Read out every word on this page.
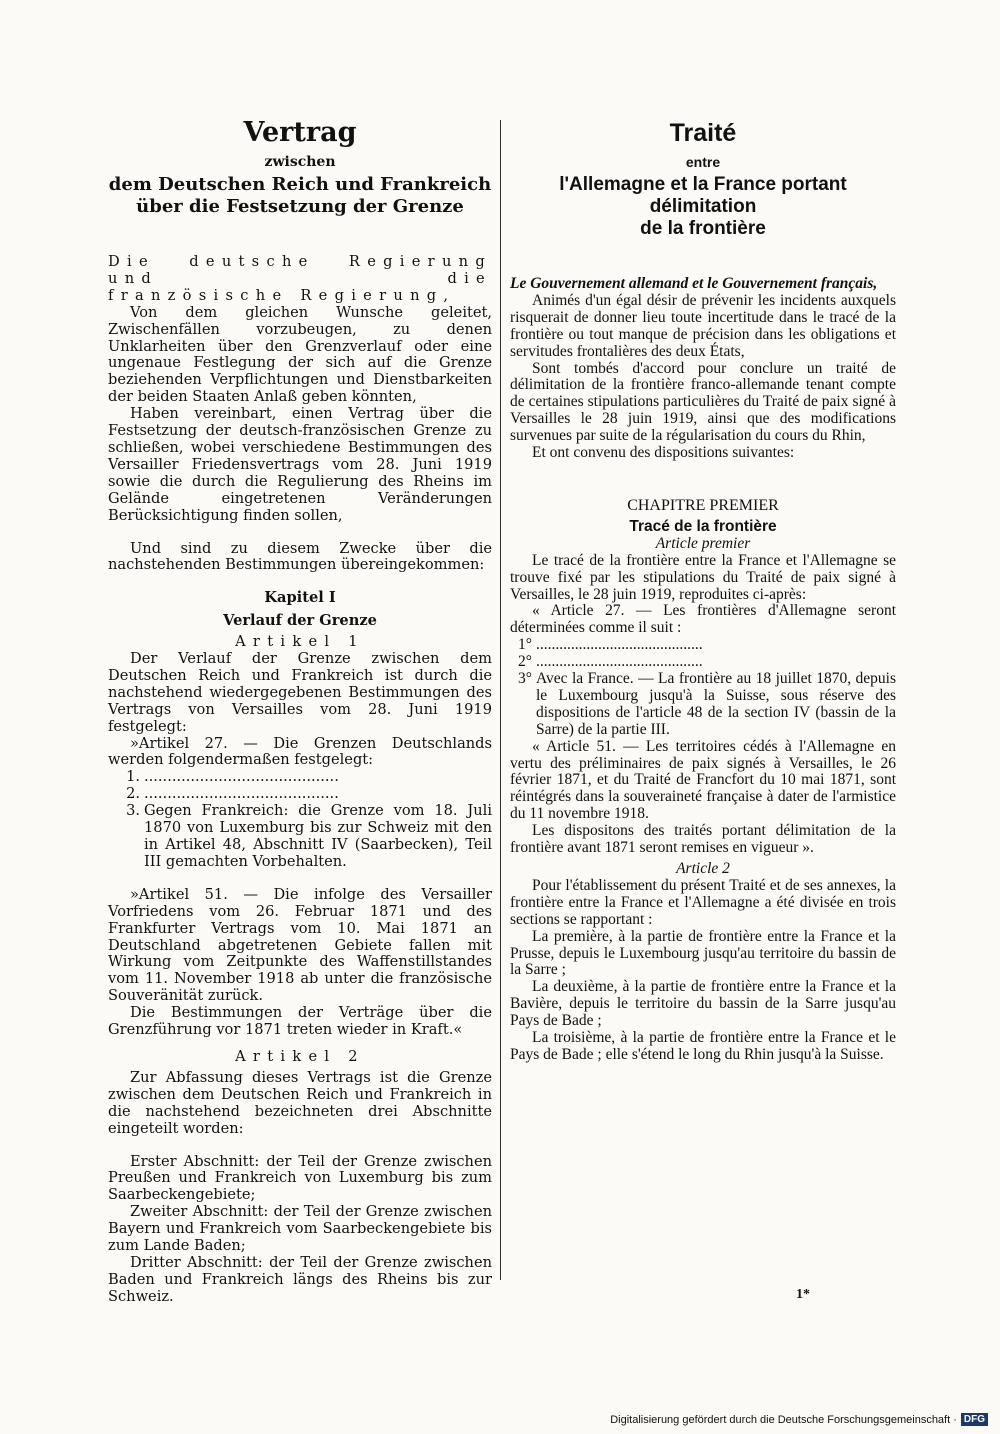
Vertrag
zwischen
dem Deutschen Reich und Frankreich
über die Festsetzung der Grenze

Die deutsche Regierung und die

französische Regierung,

Von dem gleichen Wunsche geleitet, Zwischenfällen vorzubeugen, zu denen Unklarheiten über den Grenzverlauf oder eine ungenaue Festlegung der sich auf die Grenze beziehenden Verpflichtungen und Dienstbarkeiten der beiden Staaten Anlaß geben könnten,

Haben vereinbart, einen Vertrag über die Festsetzung der deutsch-französischen Grenze zu schließen, wobei verschiedene Bestimmungen des Versailler Friedensvertrags vom 28. Juni 1919 sowie die durch die Regulierung des Rheins im Gelände eingetretenen Veränderungen Berücksichtigung finden sollen,

Und sind zu diesem Zwecke über die nachstehenden Bestimmungen übereingekommen:

Kapitel I

Verlauf der Grenze

Artikel 1

Der Verlauf der Grenze zwischen dem Deutschen Reich und Frankreich ist durch die nachstehend wiedergegebenen Bestimmungen des Vertrags von Versailles vom 28. Juni 1919 festgelegt:

»Artikel 27. — Die Grenzen Deutschlands werden folgendermaßen festgelegt:

1. ..........................................
2. ..........................................
3. Gegen Frankreich: die Grenze vom 18. Juli 1870 von Luxemburg bis zur Schweiz mit den in Artikel 48, Abschnitt IV (Saarbecken), Teil III gemachten Vorbehalten.

»Artikel 51. — Die infolge des Versailler Vorfriedens vom 26. Februar 1871 und des Frankfurter Vertrags vom 10. Mai 1871 an Deutschland abgetretenen Gebiete fallen mit Wirkung vom Zeitpunkte des Waffenstillstandes vom 11. November 1918 ab unter die französische Souveränität zurück.

Die Bestimmungen der Verträge über die Grenzführung vor 1871 treten wieder in Kraft.«

Artikel 2

Zur Abfassung dieses Vertrags ist die Grenze zwischen dem Deutschen Reich und Frankreich in die nachstehend bezeichneten drei Abschnitte eingeteilt worden:

Erster Abschnitt: der Teil der Grenze zwischen Preußen und Frankreich von Luxemburg bis zum Saarbeckengebiete;

Zweiter Abschnitt: der Teil der Grenze zwischen Bayern und Frankreich vom Saarbeckengebiete bis zum Lande Baden;

Dritter Abschnitt: der Teil der Grenze zwischen Baden und Frankreich längs des Rheins bis zur Schweiz.

Traité
entre
l'Allemagne et la France portant délimitation
de la frontière

Le Gouvernement allemand et le Gouvernement français,

Animés d'un égal désir de prévenir les incidents auxquels risquerait de donner lieu toute incertitude dans le tracé de la frontière ou tout manque de précision dans les obligations et servitudes frontalières des deux États,

Sont tombés d'accord pour conclure un traité de délimitation de la frontière franco-allemande tenant compte de certaines stipulations particulières du Traité de paix signé à Versailles le 28 juin 1919, ainsi que des modifications survenues par suite de la régularisation du cours du Rhin,

Et ont convenu des dispositions suivantes:

CHAPITRE PREMIER

Tracé de la frontière

Article premier

Le tracé de la frontière entre la France et l'Allemagne se trouve fixé par les stipulations du Traité de paix signé à Versailles, le 28 juin 1919, reproduites ci-après:

« Article 27. — Les frontières d'Allemagne seront déterminées comme il suit :

1° ...........................................
2° ...........................................
3° Avec la France. — La frontière au 18 juillet 1870, depuis le Luxembourg jusqu'à la Suisse, sous réserve des dispositions de l'article 48 de la section IV (bassin de la Sarre) de la partie III.

« Article 51. — Les territoires cédés à l'Allemagne en vertu des préliminaires de paix signés à Versailles, le 26 février 1871, et du Traité de Francfort du 10 mai 1871, sont réintégrés dans la souveraineté française à dater de l'armistice du 11 novembre 1918.

Les dispositons des traités portant délimitation de la frontière avant 1871 seront remises en vigueur ».

Article 2

Pour l'établissement du présent Traité et de ses annexes, la frontière entre la France et l'Allemagne a été divisée en trois sections se rapportant :

La première, à la partie de frontière entre la France et la Prusse, depuis le Luxembourg jusqu'au territoire du bassin de la Sarre ;

La deuxième, à la partie de frontière entre la France et la Bavière, depuis le territoire du bassin de la Sarre jusqu'au Pays de Bade ;

La troisième, à la partie de frontière entre la France et le Pays de Bade ; elle s'étend le long du Rhin jusqu'à la Suisse.

1*
Digitalisierung gefördert durch die Deutsche Forschungsgemeinschaft · DFG
